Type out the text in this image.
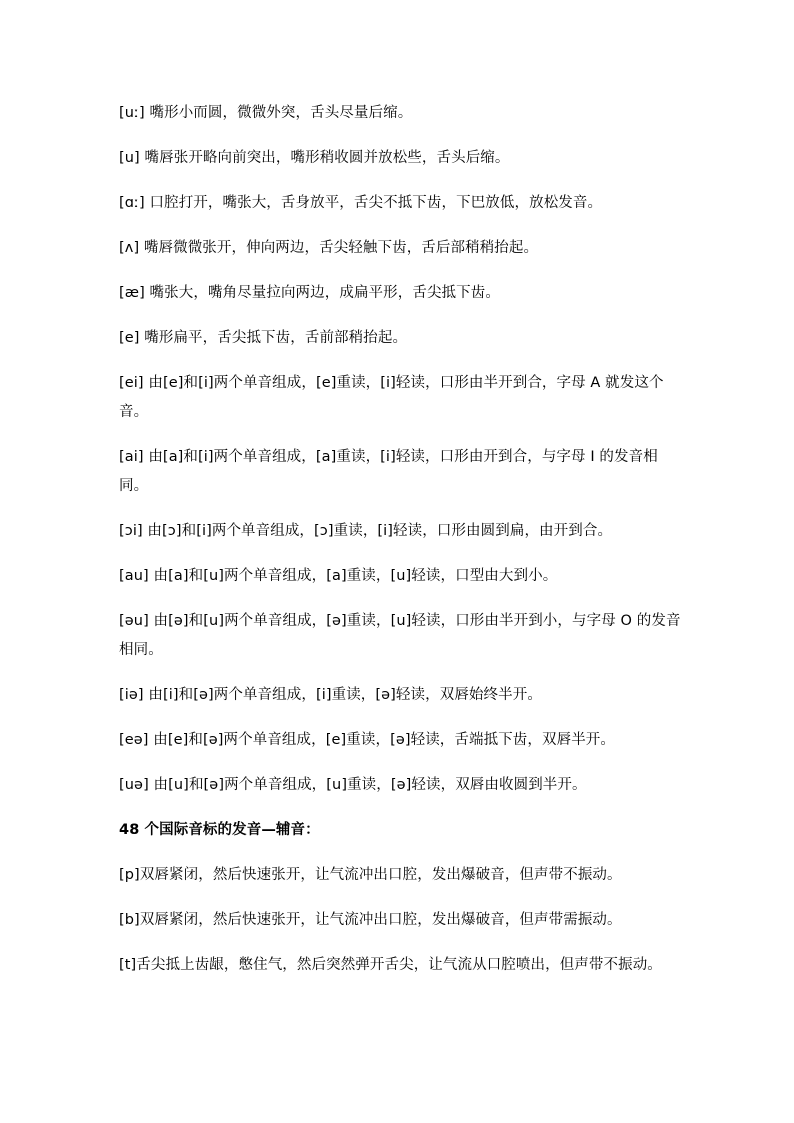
[uː] 嘴形小而圆，微微外突，舌头尽量后缩。

[u] 嘴唇张开略向前突出，嘴形稍收圆并放松些，舌头后缩。

[ɑː] 口腔打开，嘴张大，舌身放平，舌尖不抵下齿，下巴放低，放松发音。

[ʌ] 嘴唇微微张开，伸向两边，舌尖轻触下齿，舌后部稍稍抬起。

[æ] 嘴张大，嘴角尽量拉向两边，成扁平形，舌尖抵下齿。

[e] 嘴形扁平，舌尖抵下齿，舌前部稍抬起。

[ei] 由[e]和[i]两个单音组成，[e]重读，[i]轻读，口形由半开到合，字母 A 就发这个音。

[ai] 由[a]和[i]两个单音组成，[a]重读，[i]轻读，口形由开到合，与字母 I 的发音相同。

[ɔi] 由[ɔ]和[i]两个单音组成，[ɔ]重读，[i]轻读，口形由圆到扁，由开到合。

[au] 由[a]和[u]两个单音组成，[a]重读，[u]轻读，口型由大到小。

[əu] 由[ə]和[u]两个单音组成，[ə]重读，[u]轻读，口形由半开到小，与字母 O 的发音相同。

[iə] 由[i]和[ə]两个单音组成，[i]重读，[ə]轻读，双唇始终半开。

[eə] 由[e]和[ə]两个单音组成，[e]重读，[ə]轻读，舌端抵下齿，双唇半开。

[uə] 由[u]和[ə]两个单音组成，[u]重读，[ə]轻读，双唇由收圆到半开。

48 个国际音标的发音—辅音：

[p]双唇紧闭，然后快速张开，让气流冲出口腔，发出爆破音，但声带不振动。

[b]双唇紧闭，然后快速张开，让气流冲出口腔，发出爆破音，但声带需振动。

[t]舌尖抵上齿龈，憋住气，然后突然弹开舌尖，让气流从口腔喷出，但声带不振动。
